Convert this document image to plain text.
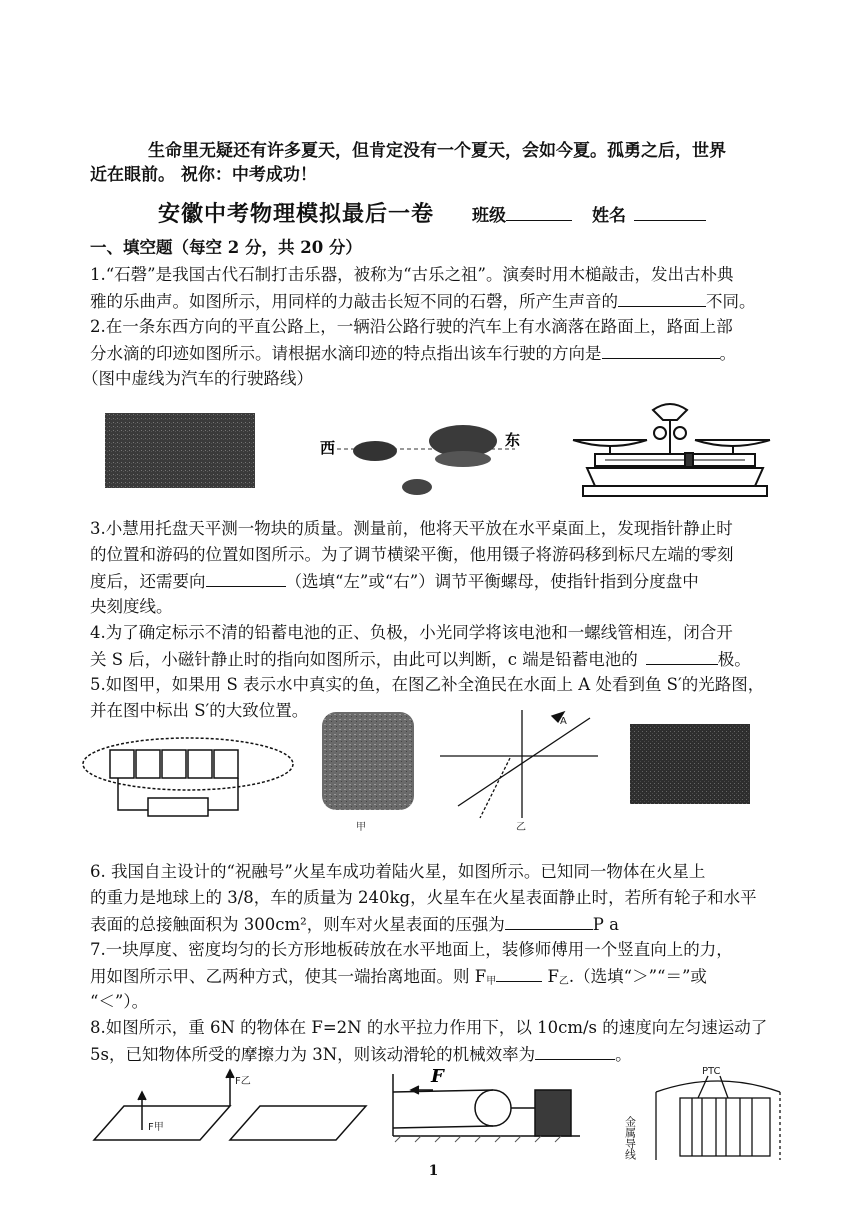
生命里无疑还有许多夏天，但肯定没有一个夏天，会如今夏。孤勇之后，世界
近在眼前。 祝你：中考成功！
安徽中考物理模拟最后一卷 班级	姓名
一、填空题（每空 2 分，共 20 分）
1.“石磬”是我国古代石制打击乐器，被称为“古乐之祖”。演奏时用木槌敲击，发出古朴典
雅的乐曲声。如图所示，用同样的力敲击长短不同的石磬，所产生声音的	不同。
2.在一条东西方向的平直公路上，一辆沿公路行驶的汽车上有水滴落在路面上，路面上部
分水滴的印迹如图所示。请根据水滴印迹的特点指出该车行驶的方向是	。
（图中虚线为汽车的行驶路线）
西	东
3.小慧用托盘天平测一物块的质量。测量前，他将天平放在水平桌面上，发现指针静止时
的位置和游码的位置如图所示。为了调节横梁平衡，他用镊子将游码移到标尺左端的零刻
度后，还需要向	（选填“左”或“右”）调节平衡螺母，使指针指到分度盘中
央刻度线。
4.为了确定标示不清的铅蓄电池的正、负极，小光同学将该电池和一螺线管相连，闭合开
关 S 后，小磁针静止时的指向如图所示，由此可以判断，c 端是铅蓄电池的	极。
5.如图甲，如果用 S 表示水中真实的鱼，在图乙补全渔民在水面上 A 处看到鱼 S′的光路图，
并在图中标出 S′的大致位置。
甲
A
乙
6. 我国自主设计的“祝融号”火星车成功着陆火星，如图所示。已知同一物体在火星上
的重力是地球上的 3/8，车的质量为 240kg，火星车在火星表面静止时，若所有轮子和水平
表面的总接触面积为 300cm²，则车对火星表面的压强为	P a
7.一块厚度、密度均匀的长方形地板砖放在水平地面上，装修师傅用一个竖直向上的力，
用如图所示甲、乙两种方式，使其一端抬离地面。则 $F_甲$	$F_乙$.（选填“＞”“＝”或
“＜”）。
8.如图所示，重 6N 的物体在 F=2N 的水平拉力作用下，以 10cm/s 的速度向左匀速运动了
5s，已知物体所受的摩擦力为 3N，则该动滑轮的机械效率为	。
F甲
F乙	F	PTC
金属导线
1
